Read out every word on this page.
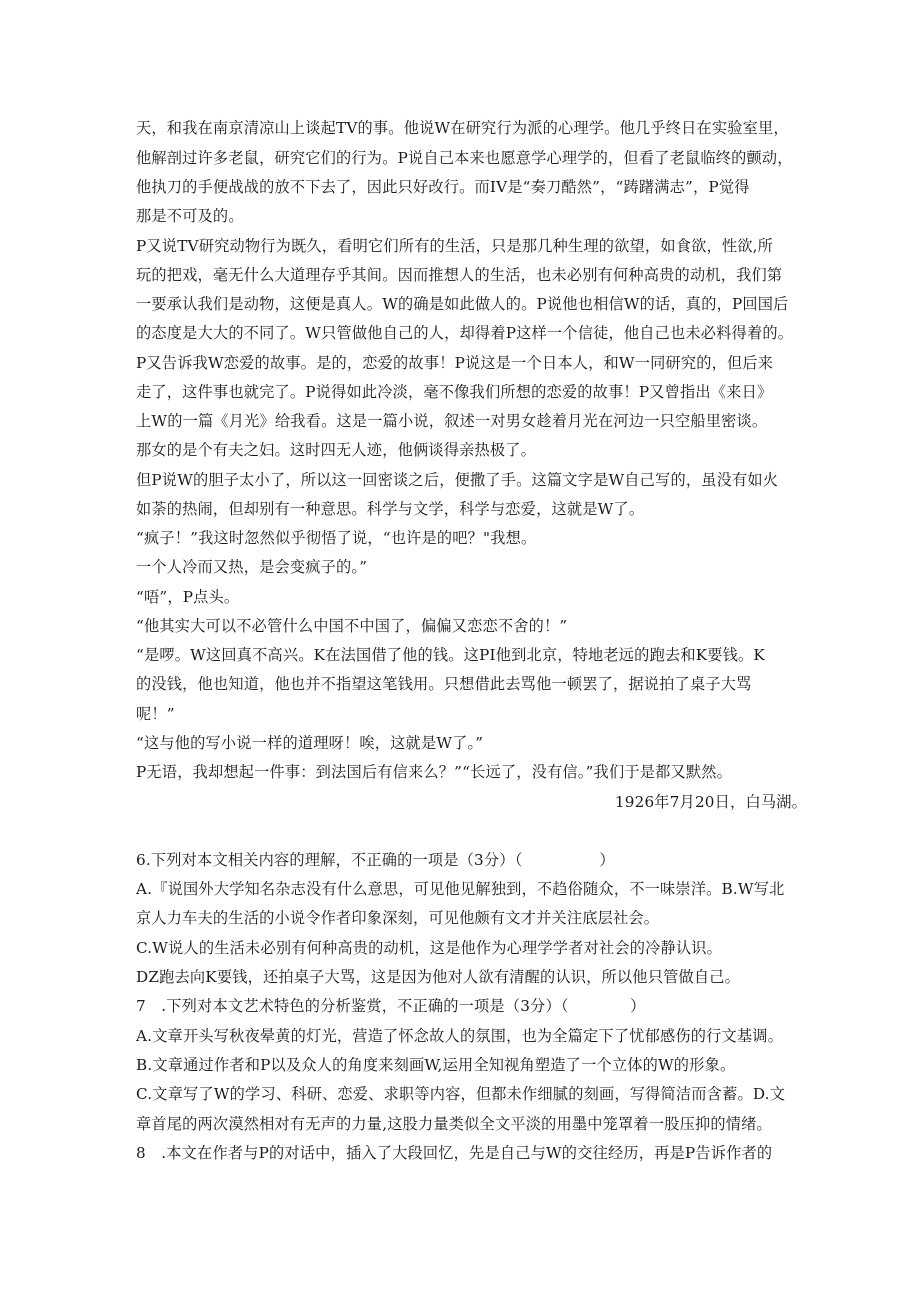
天，和我在南京清凉山上谈起TV的事。他说W在研究行为派的心理学。他几乎终日在实验室里，
他解剖过许多老鼠，研究它们的行为。P说自己本来也愿意学心理学的，但看了老鼠临终的颤动，
他执刀的手便战战的放不下去了，因此只好改行。而IV是“奏刀酷然”，“踌躇满志”，P觉得
那是不可及的。
P又说TV研究动物行为既久，看明它们所有的生活，只是那几种生理的欲望，如食欲，性欲,所
玩的把戏，毫无什么大道理存乎其间。因而推想人的生活，也未必别有何种高贵的动机，我们第
一要承认我们是动物，这便是真人。W的确是如此做人的。P说他也相信W的话，真的，P回国后
的态度是大大的不同了。W只管做他自己的人，却得着P这样一个信徒，他自己也未必料得着的。
P又告诉我W恋爱的故事。是的，恋爱的故事！P说这是一个日本人，和W一同研究的，但后来
走了，这件事也就完了。P说得如此冷淡，毫不像我们所想的恋爱的故事！P又曾指出《来日》
上W的一篇《月光》给我看。这是一篇小说，叙述一对男女趁着月光在河边一只空船里密谈。
那女的是个有夫之妇。这时四无人迹，他俩谈得亲热极了。
但P说W的胆子太小了，所以这一回密谈之后，便撒了手。这篇文字是W自己写的，虽没有如火
如荼的热闹，但却别有一种意思。科学与文学，科学与恋爱，这就是W了。
“疯子！”我这时忽然似乎彻悟了说，“也许是的吧？"我想。
一个人冷而又热，是会变疯子的。”
“唔”，P点头。
“他其实大可以不必管什么中国不中国了，偏偏又恋恋不舍的！”
“是啰。W这回真不高兴。K在法国借了他的钱。这PI他到北京，特地老远的跑去和K要钱。K
的没钱，他也知道，他也并不指望这笔钱用。只想借此去骂他一顿罢了，据说拍了桌子大骂
呢！”
“这与他的写小说一样的道理呀！唉，这就是W了。”
P无语，我却想起一件事：到法国后有信来么？”“长远了，没有信。”我们于是都又默然。
1926年7月20日，白马湖。
6.下列对本文相关内容的理解，不正确的一项是（3分）（　　　　　）
A.『说国外大学知名杂志没有什么意思，可见他见解独到，不趋俗随众，不一味崇洋。B.W写北
京人力车夫的生活的小说令作者印象深刻，可见他颇有文才并关注底层社会。
C.W说人的生活未必别有何种高贵的动机，这是他作为心理学学者对社会的冷静认识。
DZ跑去向K要钱，还拍桌子大骂，这是因为他对人欲有清醒的认识，所以他只管做自己。
7　.下列对本文艺术特色的分析鉴赏，不正确的一项是（3分）（　　　　）
A.文章开头写秋夜晕黄的灯光，营造了怀念故人的氛围，也为全篇定下了忧郁感伤的行文基调。
B.文章通过作者和P以及众人的角度来刻画W,运用全知视角塑造了一个立体的W的形象。
C.文章写了W的学习、科研、恋爱、求职等内容，但都未作细腻的刻画，写得简洁而含蓄。D.文
章首尾的两次漠然相对有无声的力量,这股力量类似全文平淡的用墨中笼罩着一股压抑的情绪。
8　.本文在作者与P的对话中，插入了大段回忆，先是自己与W的交往经历，再是P告诉作者的
